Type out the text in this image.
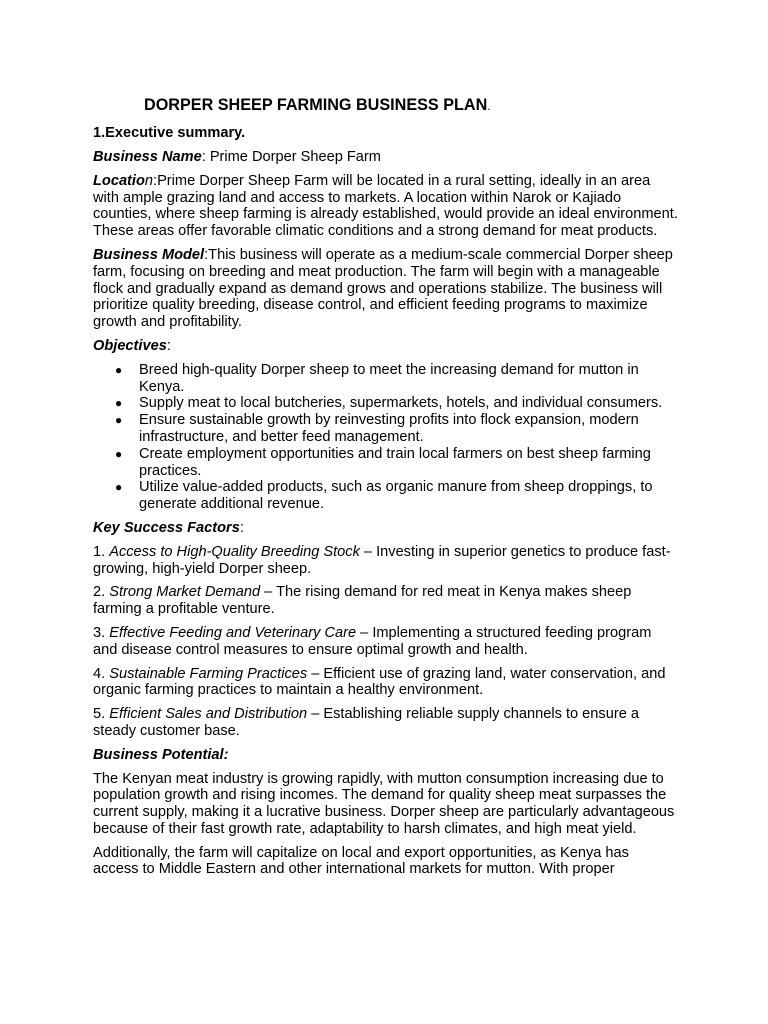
DORPER SHEEP FARMING BUSINESS PLAN.
1.Executive summary.

Business Name: Prime Dorper Sheep Farm

Location:Prime Dorper Sheep Farm will be located in a rural setting, ideally in an area with ample grazing land and access to markets. A location within Narok or Kajiado counties, where sheep farming is already established, would provide an ideal environment. These areas offer favorable climatic conditions and a strong demand for meat products.

Business Model:This business will operate as a medium-scale commercial Dorper sheep farm, focusing on breeding and meat production. The farm will begin with a manageable flock and gradually expand as demand grows and operations stabilize. The business will prioritize quality breeding, disease control, and efficient feeding programs to maximize growth and profitability.

Objectives:

● Breed high-quality Dorper sheep to meet the increasing demand for mutton in Kenya.
● Supply meat to local butcheries, supermarkets, hotels, and individual consumers.
● Ensure sustainable growth by reinvesting profits into flock expansion, modern infrastructure, and better feed management.
● Create employment opportunities and train local farmers on best sheep farming practices.
● Utilize value-added products, such as organic manure from sheep droppings, to generate additional revenue.

Key Success Factors:

1. Access to High-Quality Breeding Stock – Investing in superior genetics to produce fast-growing, high-yield Dorper sheep.

2. Strong Market Demand – The rising demand for red meat in Kenya makes sheep farming a profitable venture.

3. Effective Feeding and Veterinary Care – Implementing a structured feeding program and disease control measures to ensure optimal growth and health.

4. Sustainable Farming Practices – Efficient use of grazing land, water conservation, and organic farming practices to maintain a healthy environment.

5. Efficient Sales and Distribution – Establishing reliable supply channels to ensure a steady customer base.

Business Potential:

The Kenyan meat industry is growing rapidly, with mutton consumption increasing due to population growth and rising incomes. The demand for quality sheep meat surpasses the current supply, making it a lucrative business. Dorper sheep are particularly advantageous because of their fast growth rate, adaptability to harsh climates, and high meat yield.

Additionally, the farm will capitalize on local and export opportunities, as Kenya has access to Middle Eastern and other international markets for mutton. With proper
